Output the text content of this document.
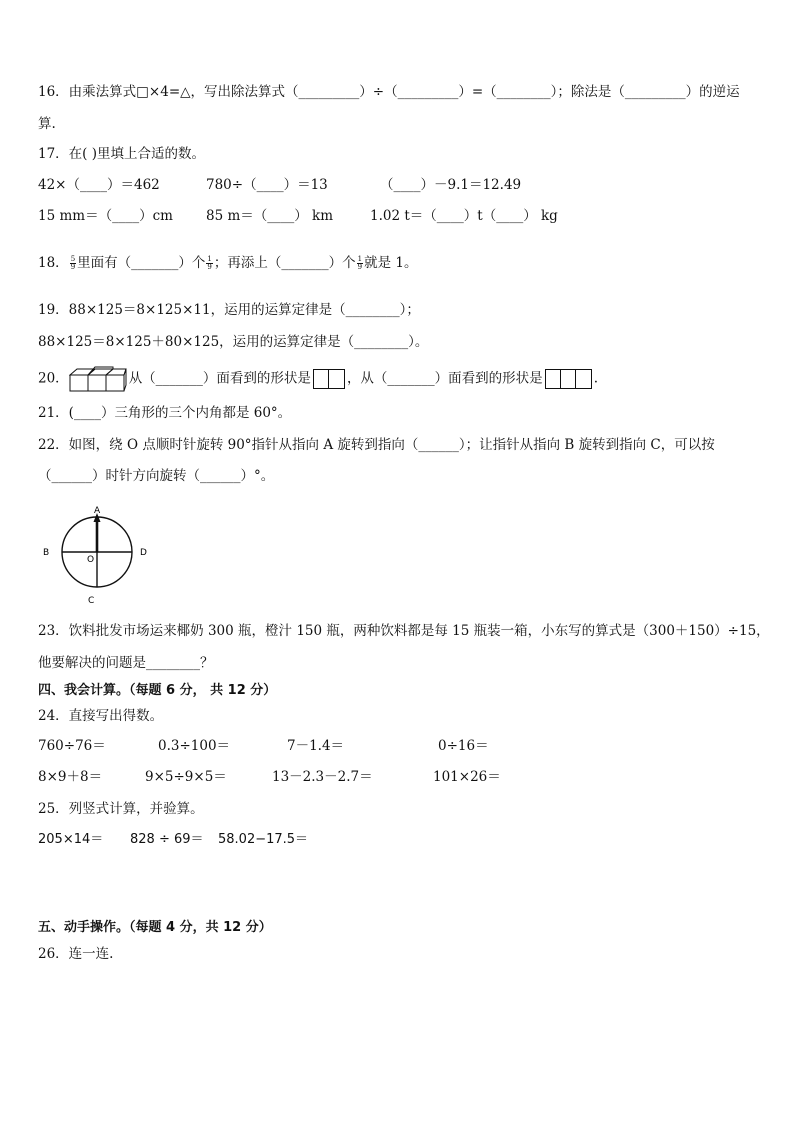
16．由乘法算式□×4=△，写出除法算式（_________）÷（_________）=（________）；除法是（_________）的逆运
算.
17．在( )里填上合适的数。
42×（____）＝462	780÷（____）＝13	（____）－9.1＝12.49
15 mm＝（____）cm 85 m＝（____） km	1.02 t＝（____）t（____） kg
18． $\frac{5}{9}$ 里面有（_______）个 $\frac{1}{9}$ ；再添上（_______）个 $\frac{1}{9}$ 就是 1。
19．88×125＝8×125×11，运用的运算定律是（________）；
88×125＝8×125＋80×125，运用的运算定律是（________）。
20．	从（_______）面看到的形状是	，从（_______）面看到的形状是	.
21．(____）三角形的三个内角都是 60°。
22．如图，绕 O 点顺时针旋转 90°指针从指向 A 旋转到指向（______）；让指针从指向 B 旋转到指向 C，可以按
（______）时针方向旋转（______）°。
A
B	D
C
O
23．饮料批发市场运来椰奶 300 瓶，橙汁 150 瓶，两种饮料都是每 15 瓶装一箱，小东写的算式是（300＋150）÷15，
他要解决的问题是________？
四、我会计算。（每题 6 分， 共 12 分）
24．直接写出得数。
760÷76＝	0.3÷100＝	7－1.4＝	0÷16＝
8×9＋8＝	9×5÷9×5＝	13－2.3－2.7＝	101×26＝
25．列竖式计算，并验算。
205×14＝ 828 ÷ 69＝ 58.02−17.5＝
五、动手操作。（每题 4 分，共 12 分）
26．连一连.
